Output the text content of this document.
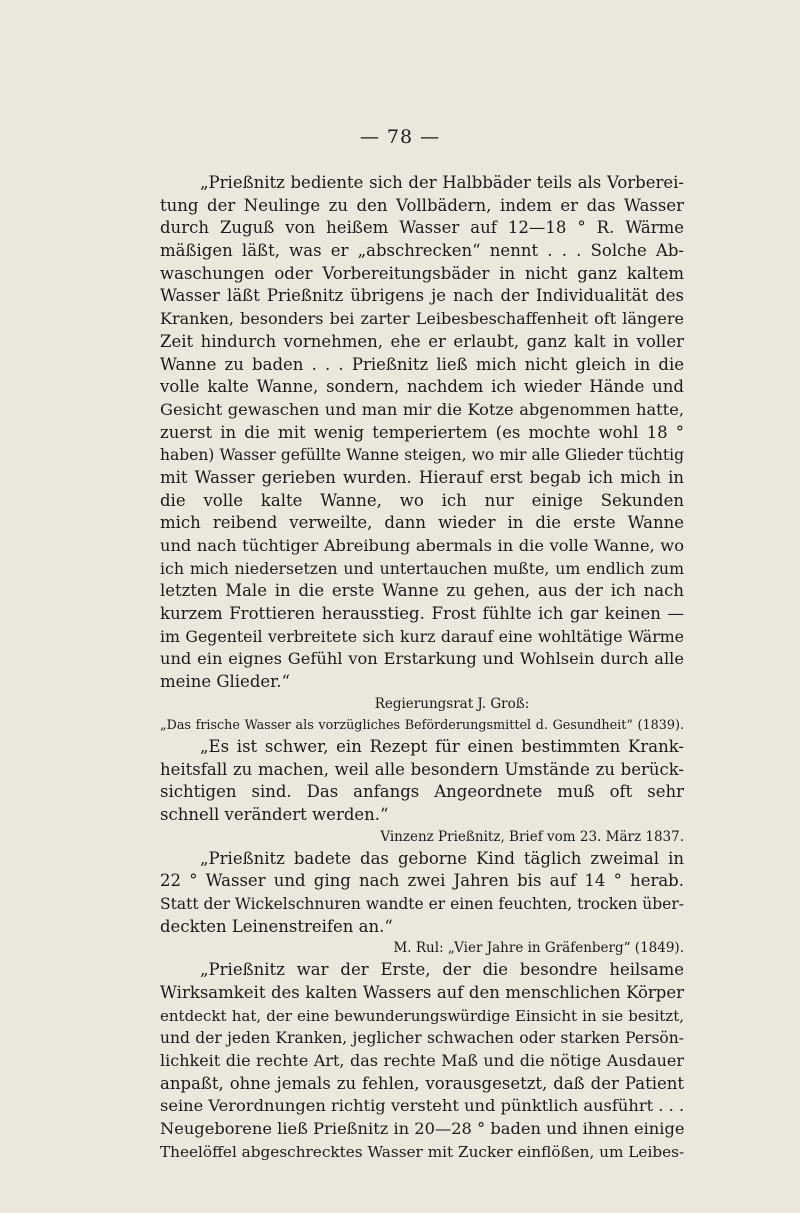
— 78 —
„Prießnitz bediente sich der Halbbäder teils als Vorberei-
tung der Neulinge zu den Vollbädern, indem er das Wasser
durch Zuguß von heißem Wasser auf 12—18 ° R. Wärme
mäßigen läßt, was er „abschrecken“ nennt . . . Solche Ab-
waschungen oder Vorbereitungsbäder in nicht ganz kaltem
Wasser läßt Prießnitz übrigens je nach der Individualität des
Kranken, besonders bei zarter Leibesbeschaffenheit oft längere
Zeit hindurch vornehmen, ehe er erlaubt, ganz kalt in voller
Wanne zu baden . . . Prießnitz ließ mich nicht gleich in die
volle kalte Wanne, sondern, nachdem ich wieder Hände und
Gesicht gewaschen und man mir die Kotze abgenommen hatte,
zuerst in die mit wenig temperiertem (es mochte wohl 18 °
haben) Wasser gefüllte Wanne steigen, wo mir alle Glieder tüchtig
mit Wasser gerieben wurden. Hierauf erst begab ich mich in
die volle kalte Wanne, wo ich nur einige Sekunden
mich reibend verweilte, dann wieder in die erste Wanne
und nach tüchtiger Abreibung abermals in die volle Wanne, wo
ich mich niedersetzen und untertauchen mußte, um endlich zum
letzten Male in die erste Wanne zu gehen, aus der ich nach
kurzem Frottieren herausstieg. Frost fühlte ich gar keinen —
im Gegenteil verbreitete sich kurz darauf eine wohltätige Wärme
und ein eignes Gefühl von Erstarkung und Wohlsein durch alle
meine Glieder.“
Regierungsrat J. Groß:
„Das frische Wasser als vorzügliches Beförderungsmittel d. Gesundheit“ (1839).
„Es ist schwer, ein Rezept für einen bestimmten Krank-
heitsfall zu machen, weil alle besondern Umstände zu berück-
sichtigen sind. Das anfangs Angeordnete muß oft sehr
schnell verändert werden.“
Vinzenz Prießnitz, Brief vom 23. März 1837.
„Prießnitz badete das geborne Kind täglich zweimal in
22 ° Wasser und ging nach zwei Jahren bis auf 14 ° herab.
Statt der Wickelschnuren wandte er einen feuchten, trocken über-
deckten Leinenstreifen an.“
M. Rul: „Vier Jahre in Gräfenberg“ (1849).
„Prießnitz war der Erste, der die besondre heilsame
Wirksamkeit des kalten Wassers auf den menschlichen Körper
entdeckt hat, der eine bewunderungswürdige Einsicht in sie besitzt,
und der jeden Kranken, jeglicher schwachen oder starken Persön-
lichkeit die rechte Art, das rechte Maß und die nötige Ausdauer
anpaßt, ohne jemals zu fehlen, vorausgesetzt, daß der Patient
seine Verordnungen richtig versteht und pünktlich ausführt . . .
Neugeborene ließ Prießnitz in 20—28 ° baden und ihnen einige
Theelöffel abgeschrecktes Wasser mit Zucker einflößen, um Leibes-
